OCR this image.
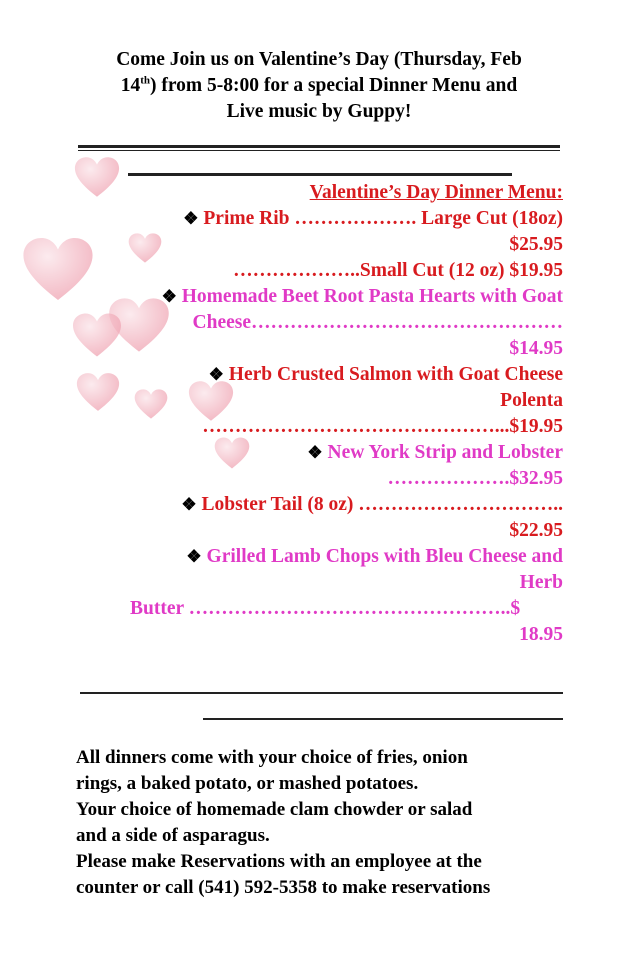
Come Join us on Valentine’s Day (Thursday, Feb
14th) from 5-8:00 for a special Dinner Menu and
Live music by Guppy!
Valentine’s Day Dinner Menu:
❖ Prime Rib ………………. Large Cut (18oz)
$25.95
………………..Small Cut (12 oz) $19.95
❖ Homemade Beet Root Pasta Hearts with Goat
Cheese…………………………………………
$14.95
❖ Herb Crusted Salmon with Goat Cheese
Polenta
………………………………………...$19.95
❖ New York Strip and Lobster
……………….$32.95
❖ Lobster Tail (8 oz) …………………………..
$22.95
❖ Grilled Lamb Chops with Bleu Cheese and
Herb
Butter …………………………………………..$
18.95
All dinners come with your choice of fries, onion
rings, a baked potato, or mashed potatoes.
Your choice of homemade clam chowder or salad
and a side of asparagus.
Please make Reservations with an employee at the
counter or call (541) 592-5358 to make reservations
